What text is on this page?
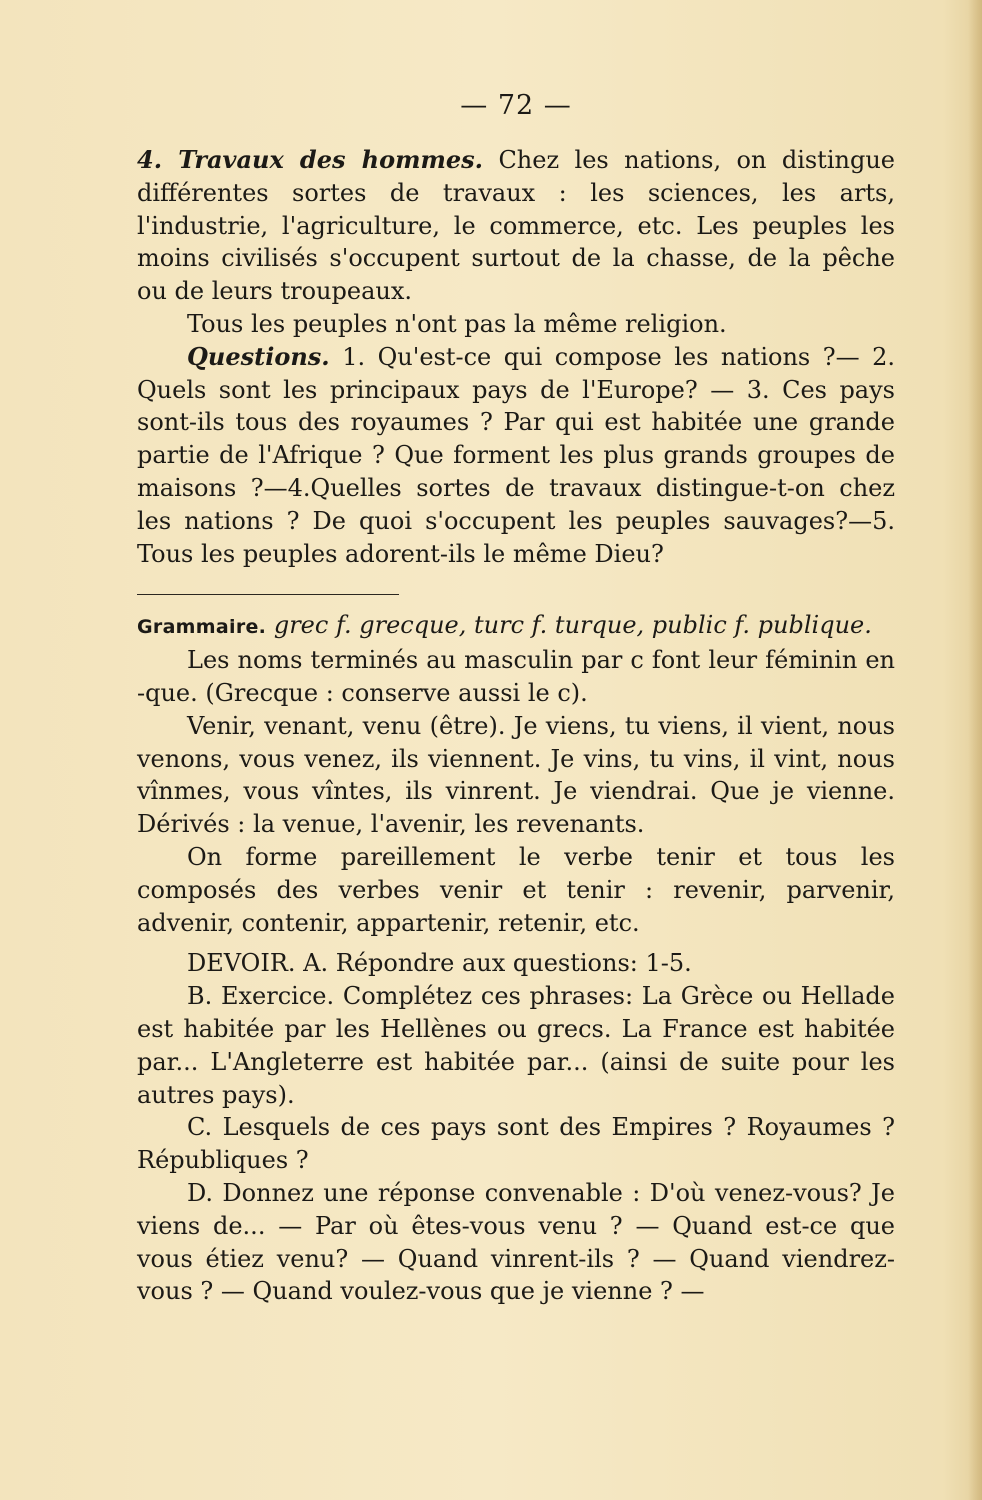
— 72 —
4. Travaux des hommes. Chez les nations, on distingue différentes sortes de travaux : les sciences, les arts, l'industrie, l'agriculture, le commerce, etc. Les peuples les moins civilisés s'occupent surtout de la chasse, de la pêche ou de leurs troupeaux.
Tous les peuples n'ont pas la même religion.
Questions. 1. Qu'est-ce qui compose les nations ?— 2. Quels sont les principaux pays de l'Europe? — 3. Ces pays sont-ils tous des royaumes ? Par qui est habitée une grande partie de l'Afrique ? Que forment les plus grands groupes de maisons ?—4.Quelles sortes de travaux distingue-t-on chez les nations ? De quoi s'occupent les peuples sauvages?—5. Tous les peuples adorent-ils le même Dieu?
Grammaire. grec f. grecque, turc f. turque, public f. publique.
Les noms terminés au masculin par c font leur féminin en -que. (Grecque : conserve aussi le c).
Venir, venant, venu (être). Je viens, tu viens, il vient, nous venons, vous venez, ils viennent. Je vins, tu vins, il vint, nous vînmes, vous vîntes, ils vinrent. Je viendrai. Que je vienne. Dérivés : la venue, l'avenir, les revenants.
On forme pareillement le verbe tenir et tous les composés des verbes venir et tenir : revenir, parvenir, advenir, contenir, appartenir, retenir, etc.
DEVOIR. A. Répondre aux questions: 1-5.
B. Exercice. Complétez ces phrases: La Grèce ou Hellade est habitée par les Hellènes ou grecs. La France est habitée par... L'Angleterre est habitée par... (ainsi de suite pour les autres pays).
C. Lesquels de ces pays sont des Empires ? Royaumes ? Républiques ?
D. Donnez une réponse convenable : D'où venez-vous? Je viens de... — Par où êtes-vous venu ? — Quand est-ce que vous étiez venu? — Quand vinrent-ils ? — Quand viendrez-vous ? — Quand voulez-vous que je vienne ? —
